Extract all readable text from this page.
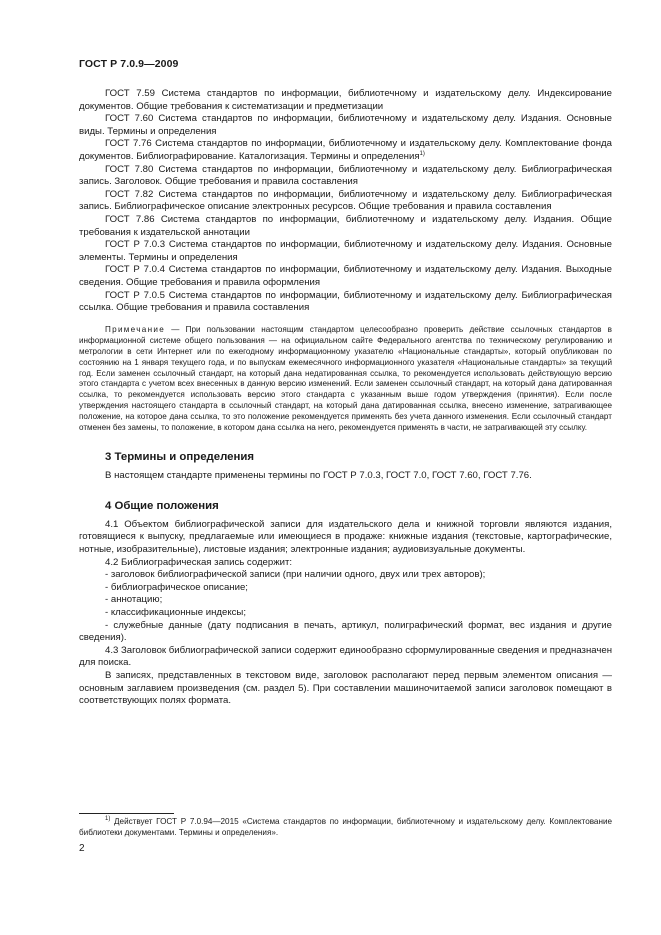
ГОСТ Р 7.0.9—2009

ГОСТ 7.59 Система стандартов по информации, библиотечному и издательскому делу. Индексирование документов. Общие требования к систематизации и предметизации

ГОСТ 7.60 Система стандартов по информации, библиотечному и издательскому делу. Издания. Основные виды. Термины и определения

ГОСТ 7.76 Система стандартов по информации, библиотечному и издательскому делу. Комплектование фонда документов. Библиографирование. Каталогизация. Термины и определения$^{1)}$

ГОСТ 7.80 Система стандартов по информации, библиотечному и издательскому делу. Библиографическая запись. Заголовок. Общие требования и правила составления

ГОСТ 7.82 Система стандартов по информации, библиотечному и издательскому делу. Библиографическая запись. Библиографическое описание электронных ресурсов. Общие требования и правила составления

ГОСТ 7.86 Система стандартов по информации, библиотечному и издательскому делу. Издания. Общие требования к издательской аннотации

ГОСТ Р 7.0.3 Система стандартов по информации, библиотечному и издательскому делу. Издания. Основные элементы. Термины и определения

ГОСТ Р 7.0.4 Система стандартов по информации, библиотечному и издательскому делу. Издания. Выходные сведения. Общие требования и правила оформления

ГОСТ Р 7.0.5 Система стандартов по информации, библиотечному и издательскому делу. Библиографическая ссылка. Общие требования и правила составления

Примечание — При пользовании настоящим стандартом целесообразно проверить действие ссылочных стандартов в информационной системе общего пользования — на официальном сайте Федерального агентства по техническому регулированию и метрологии в сети Интернет или по ежегодному информационному указателю «Национальные стандарты», который опубликован по состоянию на 1 января текущего года, и по выпускам ежемесячного информационного указателя «Национальные стандарты» за текущий год. Если заменен ссылочный стандарт, на который дана недатированная ссылка, то рекомендуется использовать действующую версию этого стандарта с учетом всех внесенных в данную версию изменений. Если заменен ссылочный стандарт, на который дана датированная ссылка, то рекомендуется использовать версию этого стандарта с указанным выше годом утверждения (принятия). Если после утверждения настоящего стандарта в ссылочный стандарт, на который дана датированная ссылка, внесено изменение, затрагивающее положение, на которое дана ссылка, то это положение рекомендуется применять без учета данного изменения. Если ссылочный стандарт отменен без замены, то положение, в котором дана ссылка на него, рекомендуется применять в части, не затрагивающей эту ссылку.

3 Термины и определения

В настоящем стандарте применены термины по ГОСТ Р 7.0.3, ГОСТ 7.0, ГОСТ 7.60, ГОСТ 7.76.

4 Общие положения

4.1 Объектом библиографической записи для издательского дела и книжной торговли являются издания, готовящиеся к выпуску, предлагаемые или имеющиеся в продаже: книжные издания (текстовые, картографические, нотные, изобразительные), листовые издания; электронные издания; аудиовизуальные документы.

4.2 Библиографическая запись содержит:

- заголовок библиографической записи (при наличии одного, двух или трех авторов);

- библиографическое описание;

- аннотацию;

- классификационные индексы;

- служебные данные (дату подписания в печать, артикул, полиграфический формат, вес издания и другие сведения).

4.3 Заголовок библиографической записи содержит единообразно сформулированные сведения и предназначен для поиска.

В записях, представленных в текстовом виде, заголовок располагают перед первым элементом описания — основным заглавием произведения (см. раздел 5). При составлении машиночитаемой записи заголовок помещают в соответствующих полях формата.

$^{1)}$ Действует ГОСТ Р 7.0.94—2015 «Система стандартов по информации, библиотечному и издательскому делу. Комплектование библиотеки документами. Термины и определения».

2
